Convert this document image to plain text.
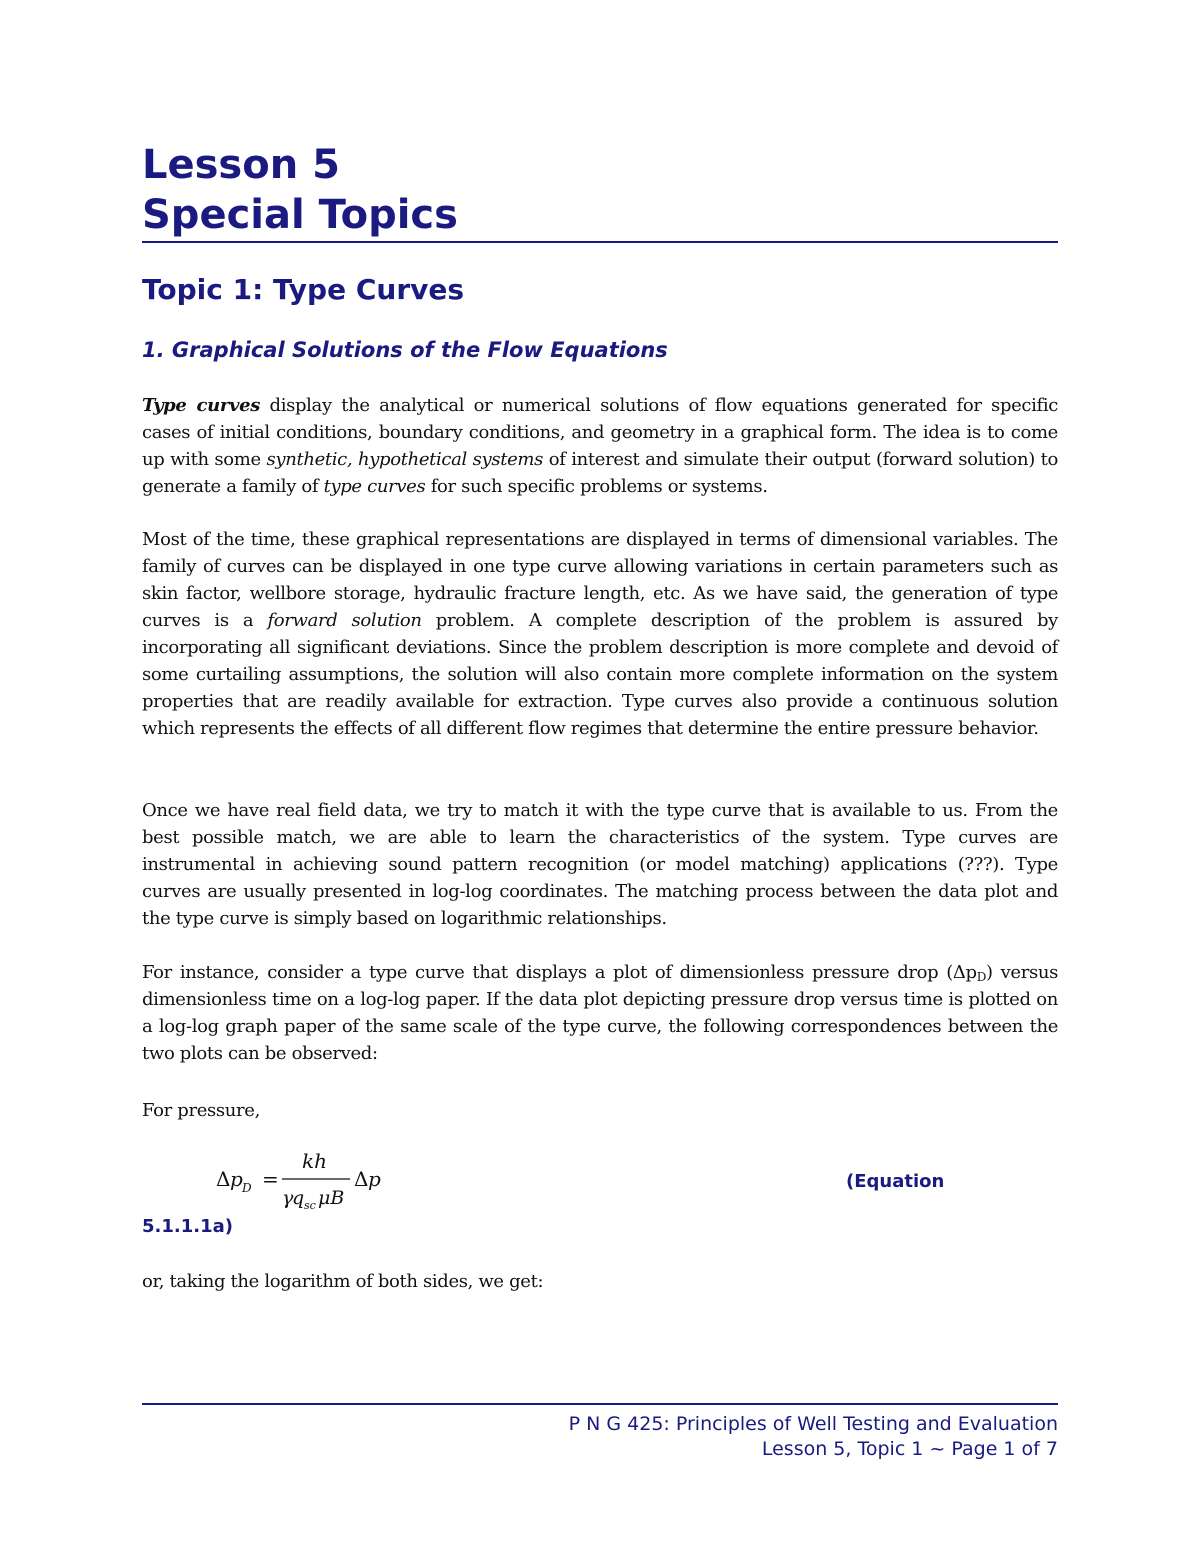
Lesson 5
Special Topics
Topic 1: Type Curves
1. Graphical Solutions of the Flow Equations

Type curves display the analytical or numerical solutions of flow equations generated for specific cases of initial conditions, boundary conditions, and geometry in a graphical form. The idea is to come up with some synthetic, hypothetical systems of interest and simulate their output (forward solution) to generate a family of type curves for such specific problems or systems.

Most of the time, these graphical representations are displayed in terms of dimensional variables. The family of curves can be displayed in one type curve allowing variations in certain parameters such as skin factor, wellbore storage, hydraulic fracture length, etc. As we have said, the generation of type curves is a forward solution problem. A complete description of the problem is assured by incorporating all significant deviations. Since the problem description is more complete and devoid of some curtailing assumptions, the solution will also contain more complete information on the system properties that are readily available for extraction. Type curves also provide a continuous solution which represents the effects of all different flow regimes that determine the entire pressure behavior.

Once we have real field data, we try to match it with the type curve that is available to us. From the best possible match, we are able to learn the characteristics of the system. Type curves are instrumental in achieving sound pattern recognition (or model matching) applications (???). Type curves are usually presented in log-log coordinates. The matching process between the data plot and the type curve is simply based on logarithmic relationships.

For instance, consider a type curve that displays a plot of dimensionless pressure drop $(\Delta p_D)$ versus dimensionless time on a log-log paper. If the data plot depicting pressure drop versus time is plotted on a log-log graph paper of the same scale of the type curve, the following correspondences between the two plots can be observed:

For pressure,

Δ p D =
kh
γ
q sc μB
Δ p	(Equation

5.1.1.1a)

or, taking the logarithm of both sides, we get:

P N G 425: Principles of Well Testing and Evaluation

Lesson 5, Topic 1 ~ Page 1 of 7
